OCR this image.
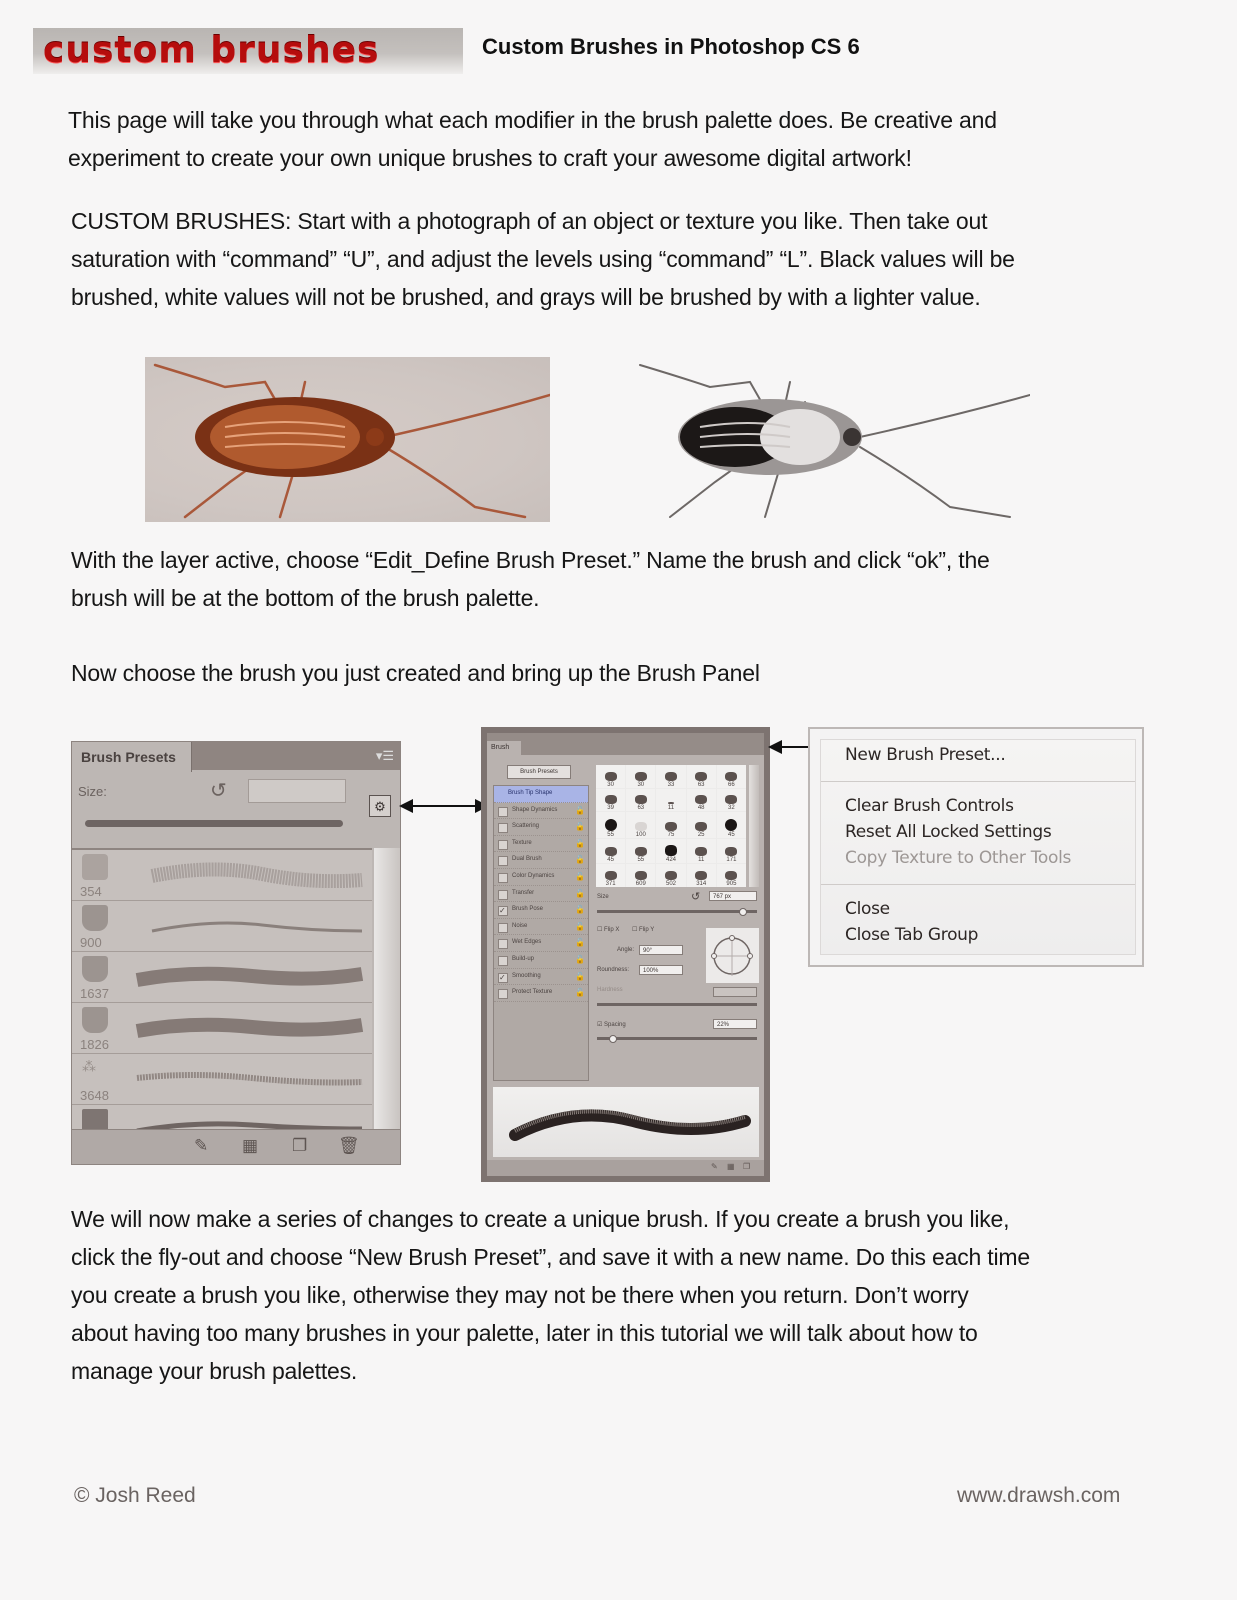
custom brushes	Custom Brushes in Photoshop CS 6
This page will take you through what each modifier in the brush palette does. Be creative and
experiment to create your own unique brushes to craft your awesome digital artwork!
CUSTOM BRUSHES: Start with a photograph of an object or texture you like. Then take out
saturation with “command” “U”, and adjust the levels using “command” “L”. Black values will be
brushed, white values will not be brushed, and grays will be brushed by with a lighter value.
With the layer active, choose “Edit_Define Brush Preset.” Name the brush and click “ok”, the
brush will be at the bottom of the brush palette.
Now choose the brush you just created and bring up the Brush Panel
Brush Presets	▾☰
Size:	↺
354
900
1637
1826
⁂
3648
✎ ▦ ❐ 🗑
⚙
Brush
Brush Presets
Brush Tip Shape
Shape Dynamics 🔓
Scattering	🔓
Texture	🔓
Dual Brush	🔓
Color Dynamics	🔓
Transfer	🔓
✓	Brush Pose	🔓
Noise	🔓
Wet Edges	🔓
Build-up	🔓
✓	Smoothing	🔓
Protect Texture	🔓
30	30	33	63	66
39	63	11	48	32
55	100	75	25	45
45	55	424	11	171
371	609	502	314	905
Size	↺	767 px
☐ Flip X ☐ Flip Y
Angle:	90°
Roundness:	100%
Hardness
☑ Spacing	22%
✎ ▦ ❐
New Brush Preset...
Clear Brush Controls
Reset All Locked Settings
Copy Texture to Other Tools
Close
Close Tab Group
We will now make a series of changes to create a unique brush. If you create a brush you like,
click the fly-out and choose “New Brush Preset”, and save it with a new name. Do this each time
you create a brush you like, otherwise they may not be there when you return. Don’t worry
about having too many brushes in your palette, later in this tutorial we will talk about how to
manage your brush palettes.
© Josh Reed	www.drawsh.com
